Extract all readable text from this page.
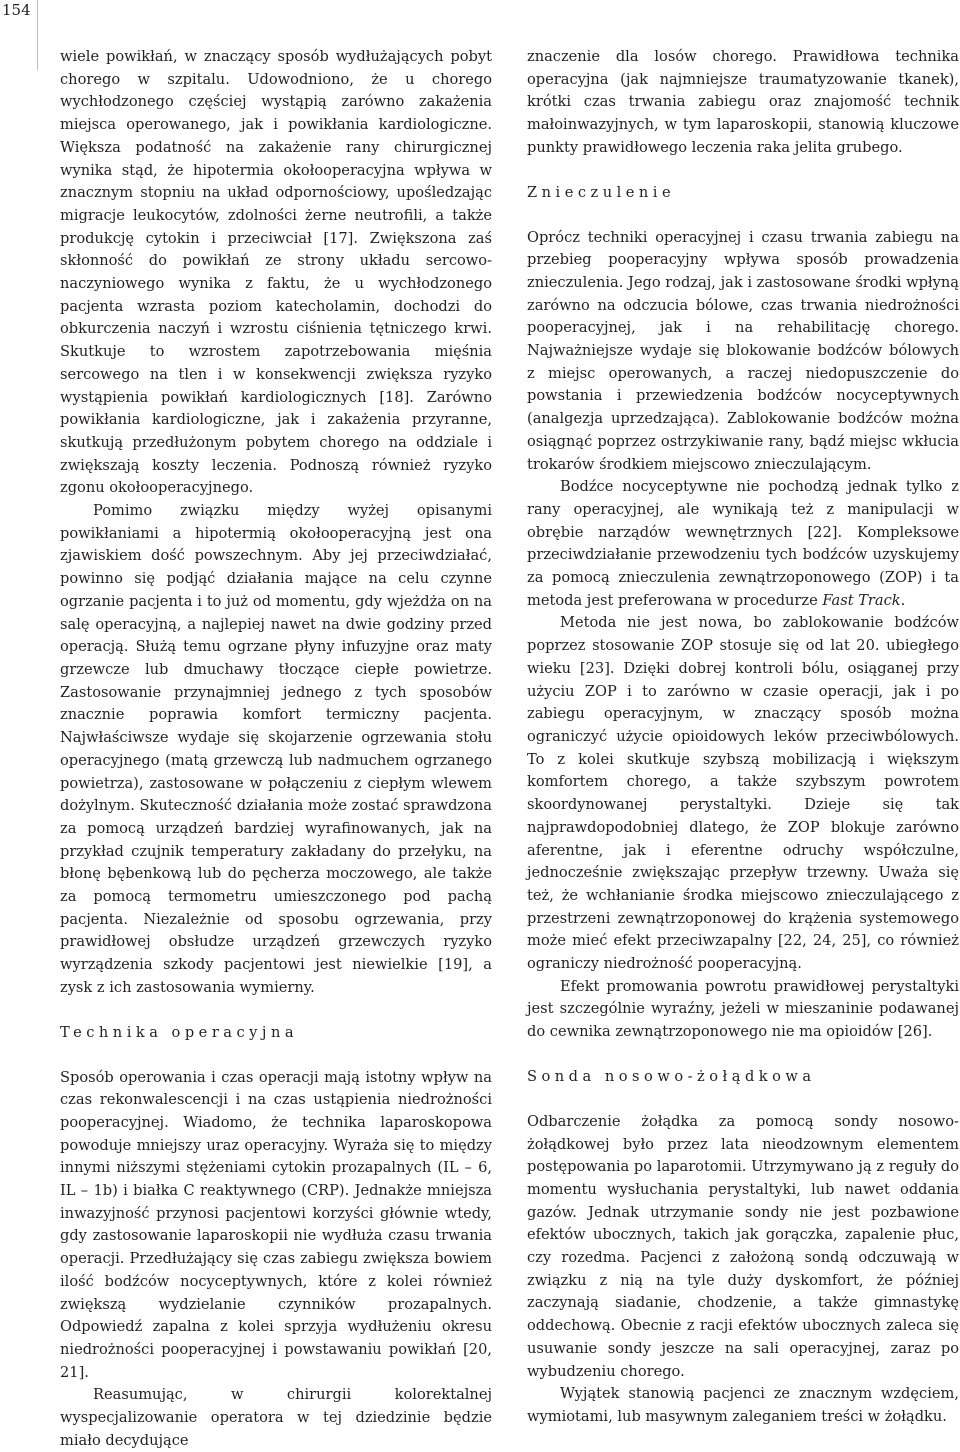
154

wiele powikłań, w znaczący sposób wydłużających pobyt chorego w szpitalu. Udowodniono, że u chorego wychłodzonego częściej wystąpią zarówno zakażenia miejsca operowanego, jak i powikłania kardiologiczne. Większa podatność na zakażenie rany chirurgicznej wynika stąd, że hipotermia okołooperacyjna wpływa w znacznym stopniu na układ odpornościowy, upośledzając migracje leukocytów, zdolności żerne neutrofili, a także produkcję cytokin i przeciwciał [17]. Zwiększona zaś skłonność do powikłań ze strony układu sercowo-naczyniowego wynika z faktu, że u wychłodzonego pacjenta wzrasta poziom katecholamin, dochodzi do obkurczenia naczyń i wzrostu ciśnienia tętniczego krwi. Skutkuje to wzrostem zapotrzebowania mięśnia sercowego na tlen i w konsekwencji zwiększa ryzyko wystąpienia powikłań kardiologicznych [18]. Zarówno powikłania kardiologiczne, jak i zakażenia przyranne, skutkują przedłużonym pobytem chorego na oddziale i zwiększają koszty leczenia. Podnoszą również ryzyko zgonu okołooperacyjnego.

Pomimo związku między wyżej opisanymi powikłaniami a hipotermią okołooperacyjną jest ona zjawiskiem dość powszechnym. Aby jej przeciwdziałać, powinno się podjąć działania mające na celu czynne ogrzanie pacjenta i to już od momentu, gdy wjeżdża on na salę operacyjną, a najlepiej nawet na dwie godziny przed operacją. Służą temu ogrzane płyny infuzyjne oraz maty grzewcze lub dmuchawy tłoczące ciepłe powietrze. Zastosowanie przynajmniej jednego z tych sposobów znacznie poprawia komfort termiczny pacjenta. Najwłaściwsze wydaje się skojarzenie ogrzewania stołu operacyjnego (matą grzewczą lub nadmuchem ogrzanego powietrza), zastosowane w połączeniu z ciepłym wlewem dożylnym. Skuteczność działania może zostać sprawdzona za pomocą urządzeń bardziej wyrafinowanych, jak na przykład czujnik temperatury zakładany do przełyku, na błonę bębenkową lub do pęcherza moczowego, ale także za pomocą termometru umieszczonego pod pachą pacjenta. Niezależnie od sposobu ogrzewania, przy prawidłowej obsłudze urządzeń grzewczych ryzyko wyrządzenia szkody pacjentowi jest niewielkie [19], a zysk z ich zastosowania wymierny.

Technika operacyjna

Sposób operowania i czas operacji mają istotny wpływ na czas rekonwalescencji i na czas ustąpienia niedrożności pooperacyjnej. Wiadomo, że technika laparoskopowa powoduje mniejszy uraz operacyjny. Wyraża się to między innymi niższymi stężeniami cytokin prozapalnych (IL – 6, IL – 1b) i białka C reaktywnego (CRP). Jednakże mniejsza inwazyjność przynosi pacjentowi korzyści głównie wtedy, gdy zastosowanie laparoskopii nie wydłuża czasu trwania operacji. Przedłużający się czas zabiegu zwiększa bowiem ilość bodźców nocyceptywnych, które z kolei również zwiększą wydzielanie czynników prozapalnych. Odpowiedź zapalna z kolei sprzyja wydłużeniu okresu niedrożności pooperacyjnej i powstawaniu powikłań [20, 21].

Reasumując, w chirurgii kolorektalnej wyspecjalizowanie operatora w tej dziedzinie będzie miało decydujące

znaczenie dla losów chorego. Prawidłowa technika operacyjna (jak najmniejsze traumatyzowanie tkanek), krótki czas trwania zabiegu oraz znajomość technik małoinwazyjnych, w tym laparoskopii, stanowią kluczowe punkty prawidłowego leczenia raka jelita grubego.

Znieczulenie

Oprócz techniki operacyjnej i czasu trwania zabiegu na przebieg pooperacyjny wpływa sposób prowadzenia znieczulenia. Jego rodzaj, jak i zastosowane środki wpłyną zarówno na odczucia bólowe, czas trwania niedrożności pooperacyjnej, jak i na rehabilitację chorego. Najważniejsze wydaje się blokowanie bodźców bólowych z miejsc operowanych, a raczej niedopuszczenie do powstania i przewiedzenia bodźców nocyceptywnych (analgezja uprzedzająca). Zablokowanie bodźców można osiągnąć poprzez ostrzykiwanie rany, bądź miejsc wkłucia trokarów środkiem miejscowo znieczulającym.

Bodźce nocyceptywne nie pochodzą jednak tylko z rany operacyjnej, ale wynikają też z manipulacji w obrębie narządów wewnętrznych [22]. Kompleksowe przeciwdziałanie przewodzeniu tych bodźców uzyskujemy za pomocą znieczulenia zewnątrzoponowego (ZOP) i ta metoda jest preferowana w procedurze Fast Track.

Metoda nie jest nowa, bo zablokowanie bodźców poprzez stosowanie ZOP stosuje się od lat 20. ubiegłego wieku [23]. Dzięki dobrej kontroli bólu, osiąganej przy użyciu ZOP i to zarówno w czasie operacji, jak i po zabiegu operacyjnym, w znaczący sposób można ograniczyć użycie opioidowych leków przeciwbólowych. To z kolei skutkuje szybszą mobilizacją i większym komfortem chorego, a także szybszym powrotem skoordynowanej perystaltyki. Dzieje się tak najprawdopodobniej dlatego, że ZOP blokuje zarówno aferentne, jak i eferentne odruchy współczulne, jednocześnie zwiększając przepływ trzewny. Uważa się też, że wchłanianie środka miejscowo znieczulającego z przestrzeni zewnątrzoponowej do krążenia systemowego może mieć efekt przeciwzapalny [22, 24, 25], co również ograniczy niedrożność pooperacyjną.

Efekt promowania powrotu prawidłowej perystaltyki jest szczególnie wyraźny, jeżeli w mieszaninie podawanej do cewnika zewnątrzoponowego nie ma opioidów [26].

Sonda nosowo-żołądkowa

Odbarczenie żołądka za pomocą sondy nosowo-żołądkowej było przez lata nieodzownym elementem postępowania po laparotomii. Utrzymywano ją z reguły do momentu wysłuchania perystaltyki, lub nawet oddania gazów. Jednak utrzymanie sondy nie jest pozbawione efektów ubocznych, takich jak gorączka, zapalenie płuc, czy rozedma. Pacjenci z założoną sondą odczuwają w związku z nią na tyle duży dyskomfort, że później zaczynają siadanie, chodzenie, a także gimnastykę oddechową. Obecnie z racji efektów ubocznych zaleca się usuwanie sondy jeszcze na sali operacyjnej, zaraz po wybudzeniu chorego.

Wyjątek stanowią pacjenci ze znacznym wzdęciem, wymiotami, lub masywnym zaleganiem treści w żołądku.
